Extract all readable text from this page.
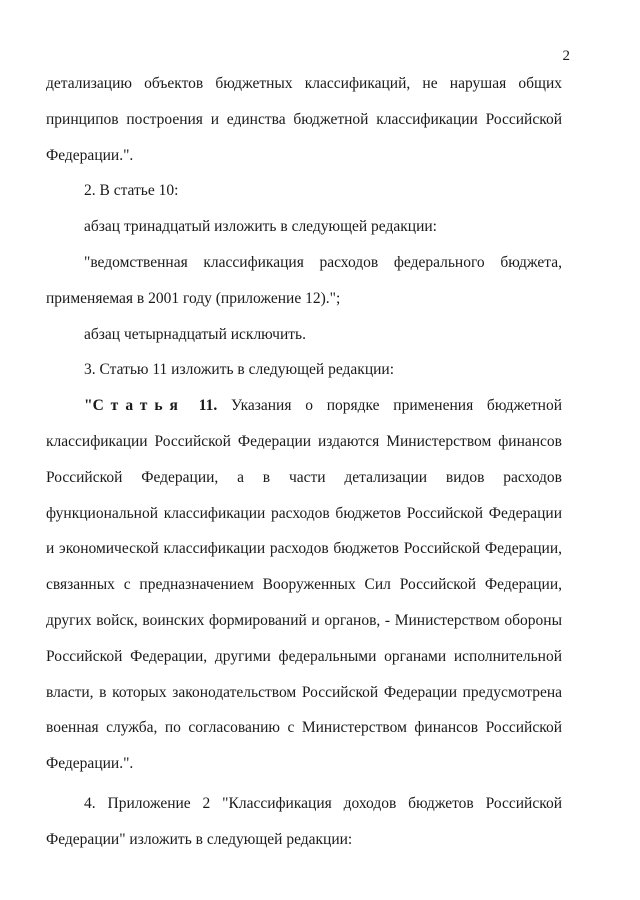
2

детализацию объектов бюджетных классификаций, не нарушая общих принципов построения и единства бюджетной классификации Российской Федерации.".

2. В статье 10:

абзац тринадцатый изложить в следующей редакции:

"ведомственная классификация расходов федерального бюджета, применяемая в 2001 году (приложение 12).";

абзац четырнадцатый исключить.

3. Статью 11 изложить в следующей редакции:

"Статья 11. Указания о порядке применения бюджетной классификации Российской Федерации издаются Министерством финансов Российской Федерации, а в части детализации видов расходов функциональной классификации расходов бюджетов Российской Федерации и экономической классификации расходов бюджетов Российской Федерации, связанных с предназначением Вооруженных Сил Российской Федерации, других войск, воинских формирований и органов, - Министерством обороны Российской Федерации, другими федеральными органами исполнительной власти, в которых законодательством Российской Федерации предусмотрена военная служба, по согласованию с Министерством финансов Российской Федерации.".

4. Приложение 2 "Классификация доходов бюджетов Российской Федерации" изложить в следующей редакции:
